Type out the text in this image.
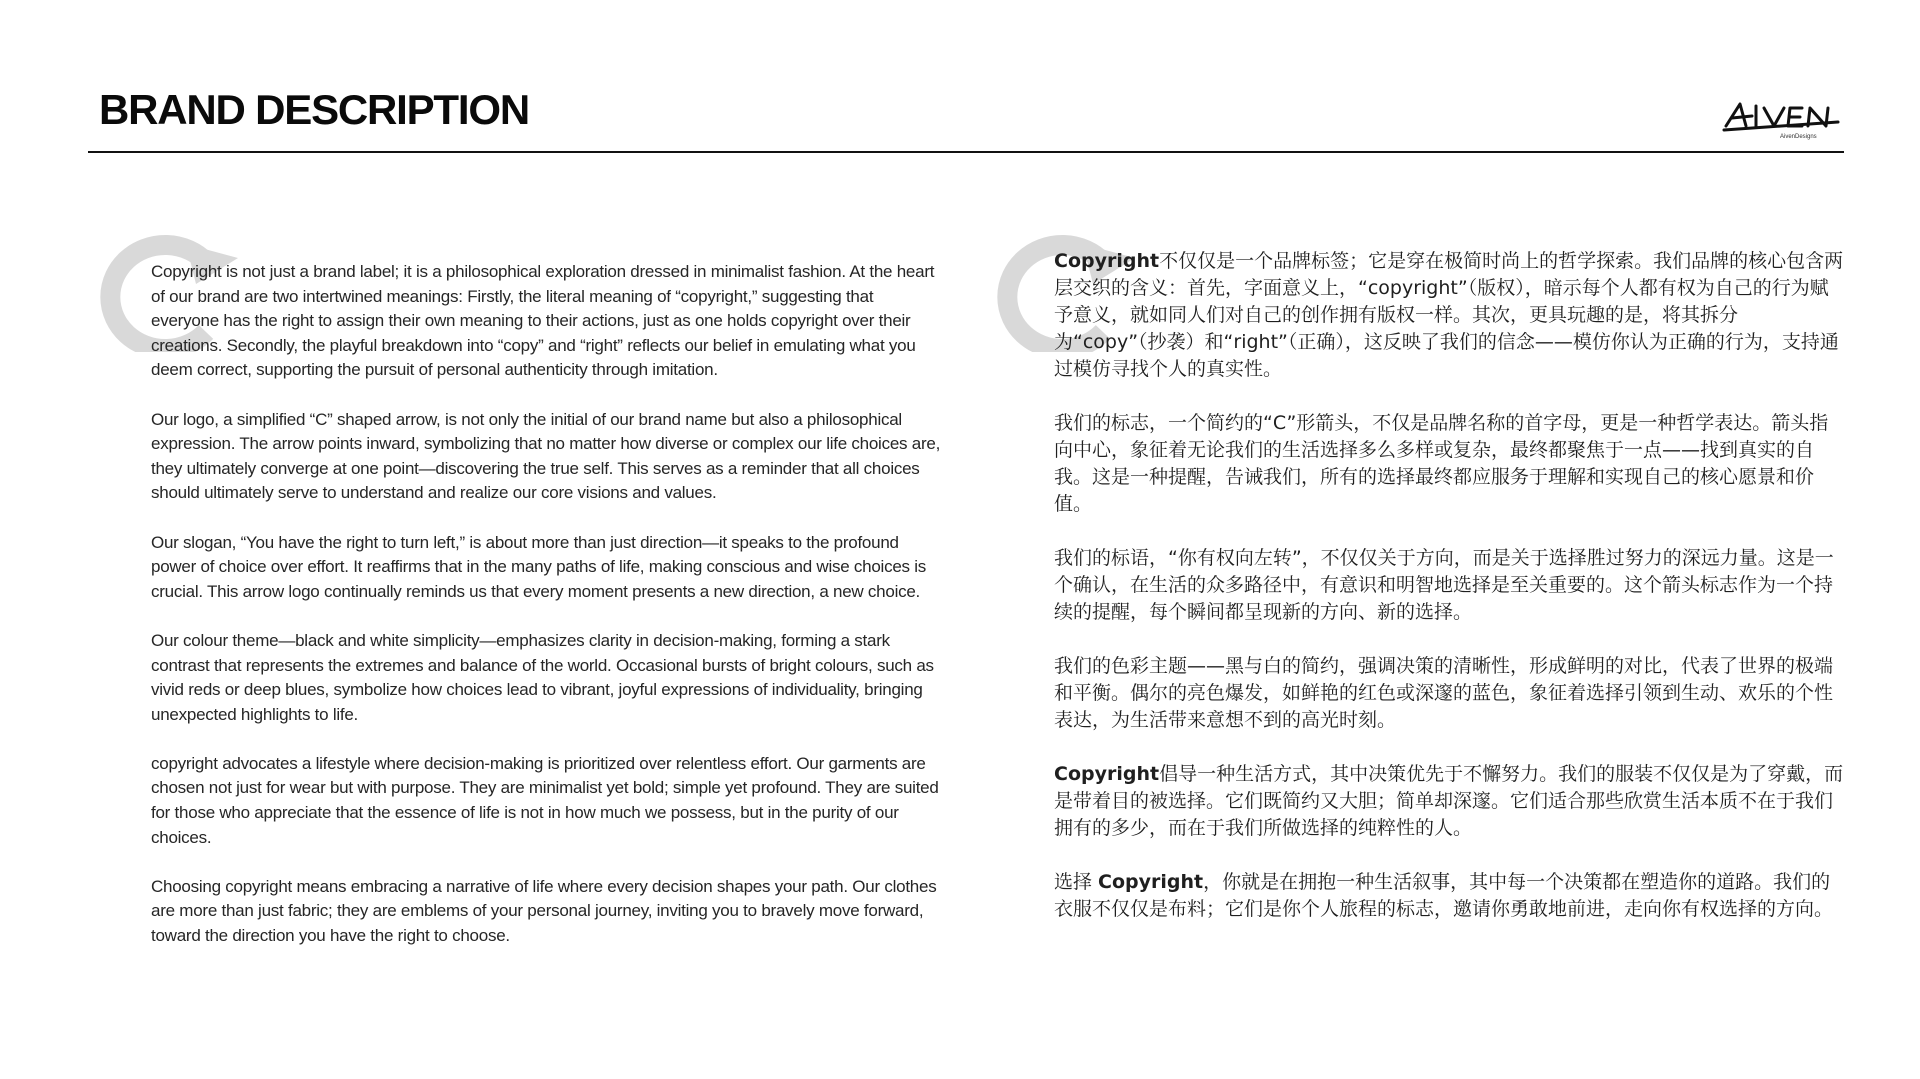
BRAND DESCRIPTION
AivenDesigns

Copyright is not just a brand label; it is a philosophical exploration dressed in minimalist fashion. At the heart of our brand are two intertwined meanings: Firstly, the literal meaning of “copyright,” suggesting that everyone has the right to assign their own meaning to their actions, just as one holds copyright over their creations. Secondly, the playful breakdown into “copy” and “right” reflects our belief in emulating what you deem correct, supporting the pursuit of personal authenticity through imitation.

Our logo, a simplified “C” shaped arrow, is not only the initial of our brand name but also a philosophical expression. The arrow points inward, symbolizing that no matter how diverse or complex our life choices are, they ultimately converge at one point—discovering the true self. This serves as a reminder that all choices should ultimately serve to understand and realize our core visions and values.

Our slogan, “You have the right to turn left,” is about more than just direction—it speaks to the profound power of choice over effort. It reaffirms that in the many paths of life, making conscious and wise choices is crucial. This arrow logo continually reminds us that every moment presents a new direction, a new choice.

Our colour theme—black and white simplicity—emphasizes clarity in decision-making, forming a stark contrast that represents the extremes and balance of the world. Occasional bursts of bright colours, such as vivid reds or deep blues, symbolize how choices lead to vibrant, joyful expressions of individuality, bringing unexpected highlights to life.

copyright advocates a lifestyle where decision-making is prioritized over relentless effort. Our garments are chosen not just for wear but with purpose. They are minimalist yet bold; simple yet profound. They are suited for those who appreciate that the essence of life is not in how much we possess, but in the purity of our choices.

Choosing copyright means embracing a narrative of life where every decision shapes your path. Our clothes are more than just fabric; they are emblems of your personal journey, inviting you to bravely move forward, toward the direction you have the right to choose.

Copyright不仅仅是一个品牌标签；它是穿在极简时尚上的哲学探索。我们品牌的核心包含两层交织的含义：首先，字面意义上，“copyright”（版权），暗示每个人都有权为自己的行为赋予意义，就如同人们对自己的创作拥有版权一样。其次，更具玩趣的是，将其拆分为“copy”（抄袭）和“right”（正确），这反映了我们的信念——模仿你认为正确的行为，支持通过模仿寻找个人的真实性。

我们的标志，一个简约的“C”形箭头，不仅是品牌名称的首字母，更是一种哲学表达。箭头指向中心，象征着无论我们的生活选择多么多样或复杂，最终都聚焦于一点——找到真实的自我。这是一种提醒，告诫我们，所有的选择最终都应服务于理解和实现自己的核心愿景和价值。

我们的标语，“你有权向左转”，不仅仅关于方向，而是关于选择胜过努力的深远力量。这是一个确认，在生活的众多路径中，有意识和明智地选择是至关重要的。这个箭头标志作为一个持续的提醒，每个瞬间都呈现新的方向、新的选择。

我们的色彩主题——黑与白的简约，强调决策的清晰性，形成鲜明的对比，代表了世界的极端和平衡。偶尔的亮色爆发，如鲜艳的红色或深邃的蓝色，象征着选择引领到生动、欢乐的个性表达，为生活带来意想不到的高光时刻。

Copyright倡导一种生活方式，其中决策优先于不懈努力。我们的服装不仅仅是为了穿戴，而是带着目的被选择。它们既简约又大胆；简单却深邃。它们适合那些欣赏生活本质不在于我们拥有的多少，而在于我们所做选择的纯粹性的人。

选择 Copyright，你就是在拥抱一种生活叙事，其中每一个决策都在塑造你的道路。我们的衣服不仅仅是布料；它们是你个人旅程的标志，邀请你勇敢地前进，走向你有权选择的方向。
